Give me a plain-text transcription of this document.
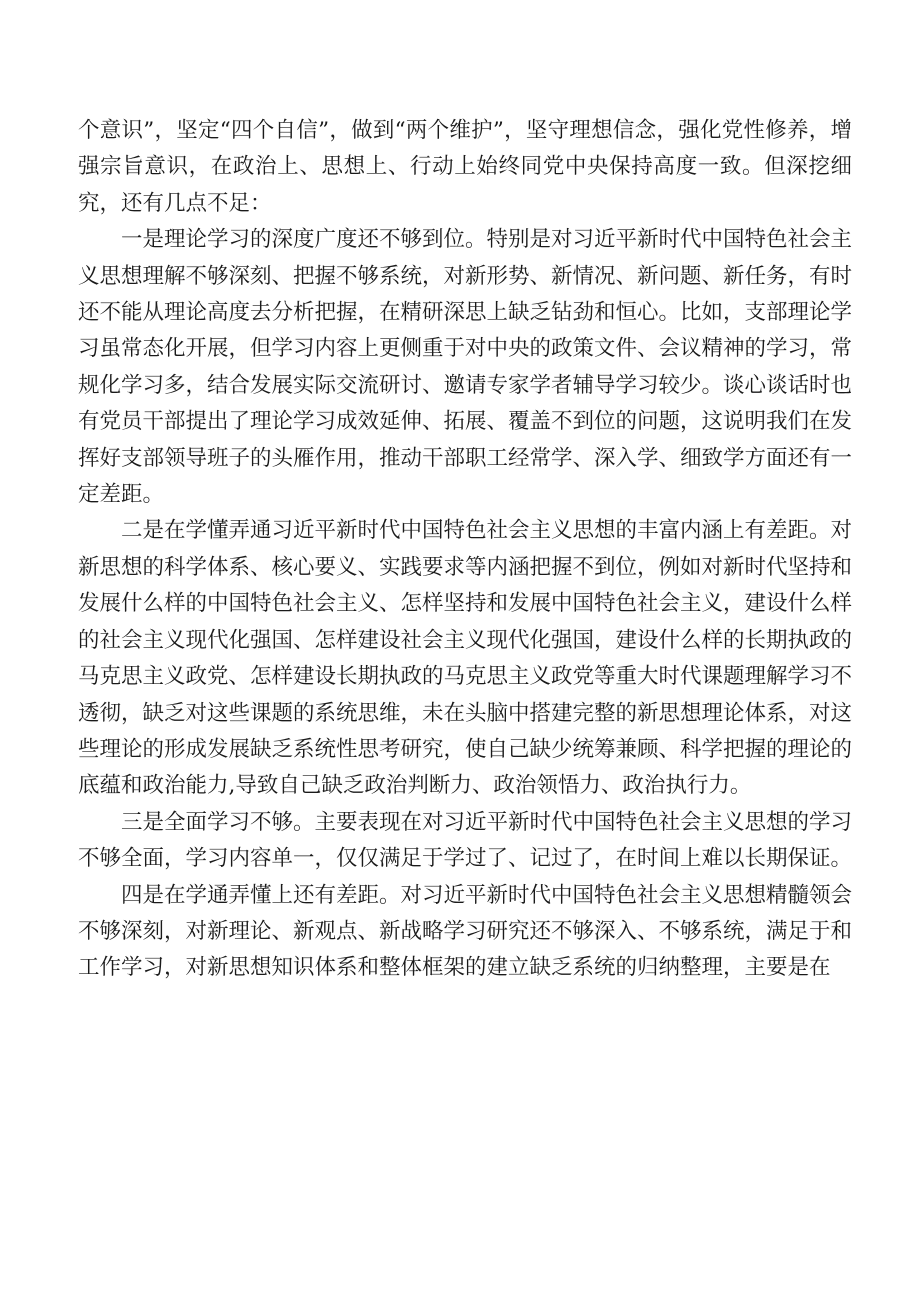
个意识”，坚定“四个自信”，做到“两个维护”，坚守理想信念，强化党性修养，增强宗旨意识，在政治上、思想上、行动上始终同党中央保持高度一致。但深挖细究，还有几点不足：

一是理论学习的深度广度还不够到位。特别是对习近平新时代中国特色社会主义思想理解不够深刻、把握不够系统，对新形势、新情况、新问题、新任务，有时还不能从理论高度去分析把握，在精研深思上缺乏钻劲和恒心。比如，支部理论学习虽常态化开展，但学习内容上更侧重于对中央的政策文件、会议精神的学习，常规化学习多，结合发展实际交流研讨、邀请专家学者辅导学习较少。谈心谈话时也有党员干部提出了理论学习成效延伸、拓展、覆盖不到位的问题，这说明我们在发挥好支部领导班子的头雁作用，推动干部职工经常学、深入学、细致学方面还有一定差距。

二是在学懂弄通习近平新时代中国特色社会主义思想的丰富内涵上有差距。对新思想的科学体系、核心要义、实践要求等内涵把握不到位，例如对新时代坚持和发展什么样的中国特色社会主义、怎样坚持和发展中国特色社会主义，建设什么样的社会主义现代化强国、怎样建设社会主义现代化强国，建设什么样的长期执政的马克思主义政党、怎样建设长期执政的马克思主义政党等重大时代课题理解学习不透彻，缺乏对这些课题的系统思维，未在头脑中搭建完整的新思想理论体系，对这些理论的形成发展缺乏系统性思考研究，使自己缺少统筹兼顾、科学把握的理论的底蕴和政治能力,导致自己缺乏政治判断力、政治领悟力、政治执行力。

三是全面学习不够。主要表现在对习近平新时代中国特色社会主义思想的学习不够全面，学习内容单一，仅仅满足于学过了、记过了，在时间上难以长期保证。

四是在学通弄懂上还有差距。对习近平新时代中国特色社会主义思想精髓领会不够深刻，对新理论、新观点、新战略学习研究还不够深入、不够系统，满足于和工作学习，对新思想知识体系和整体框架的建立缺乏系统的归纳整理，主要是在
